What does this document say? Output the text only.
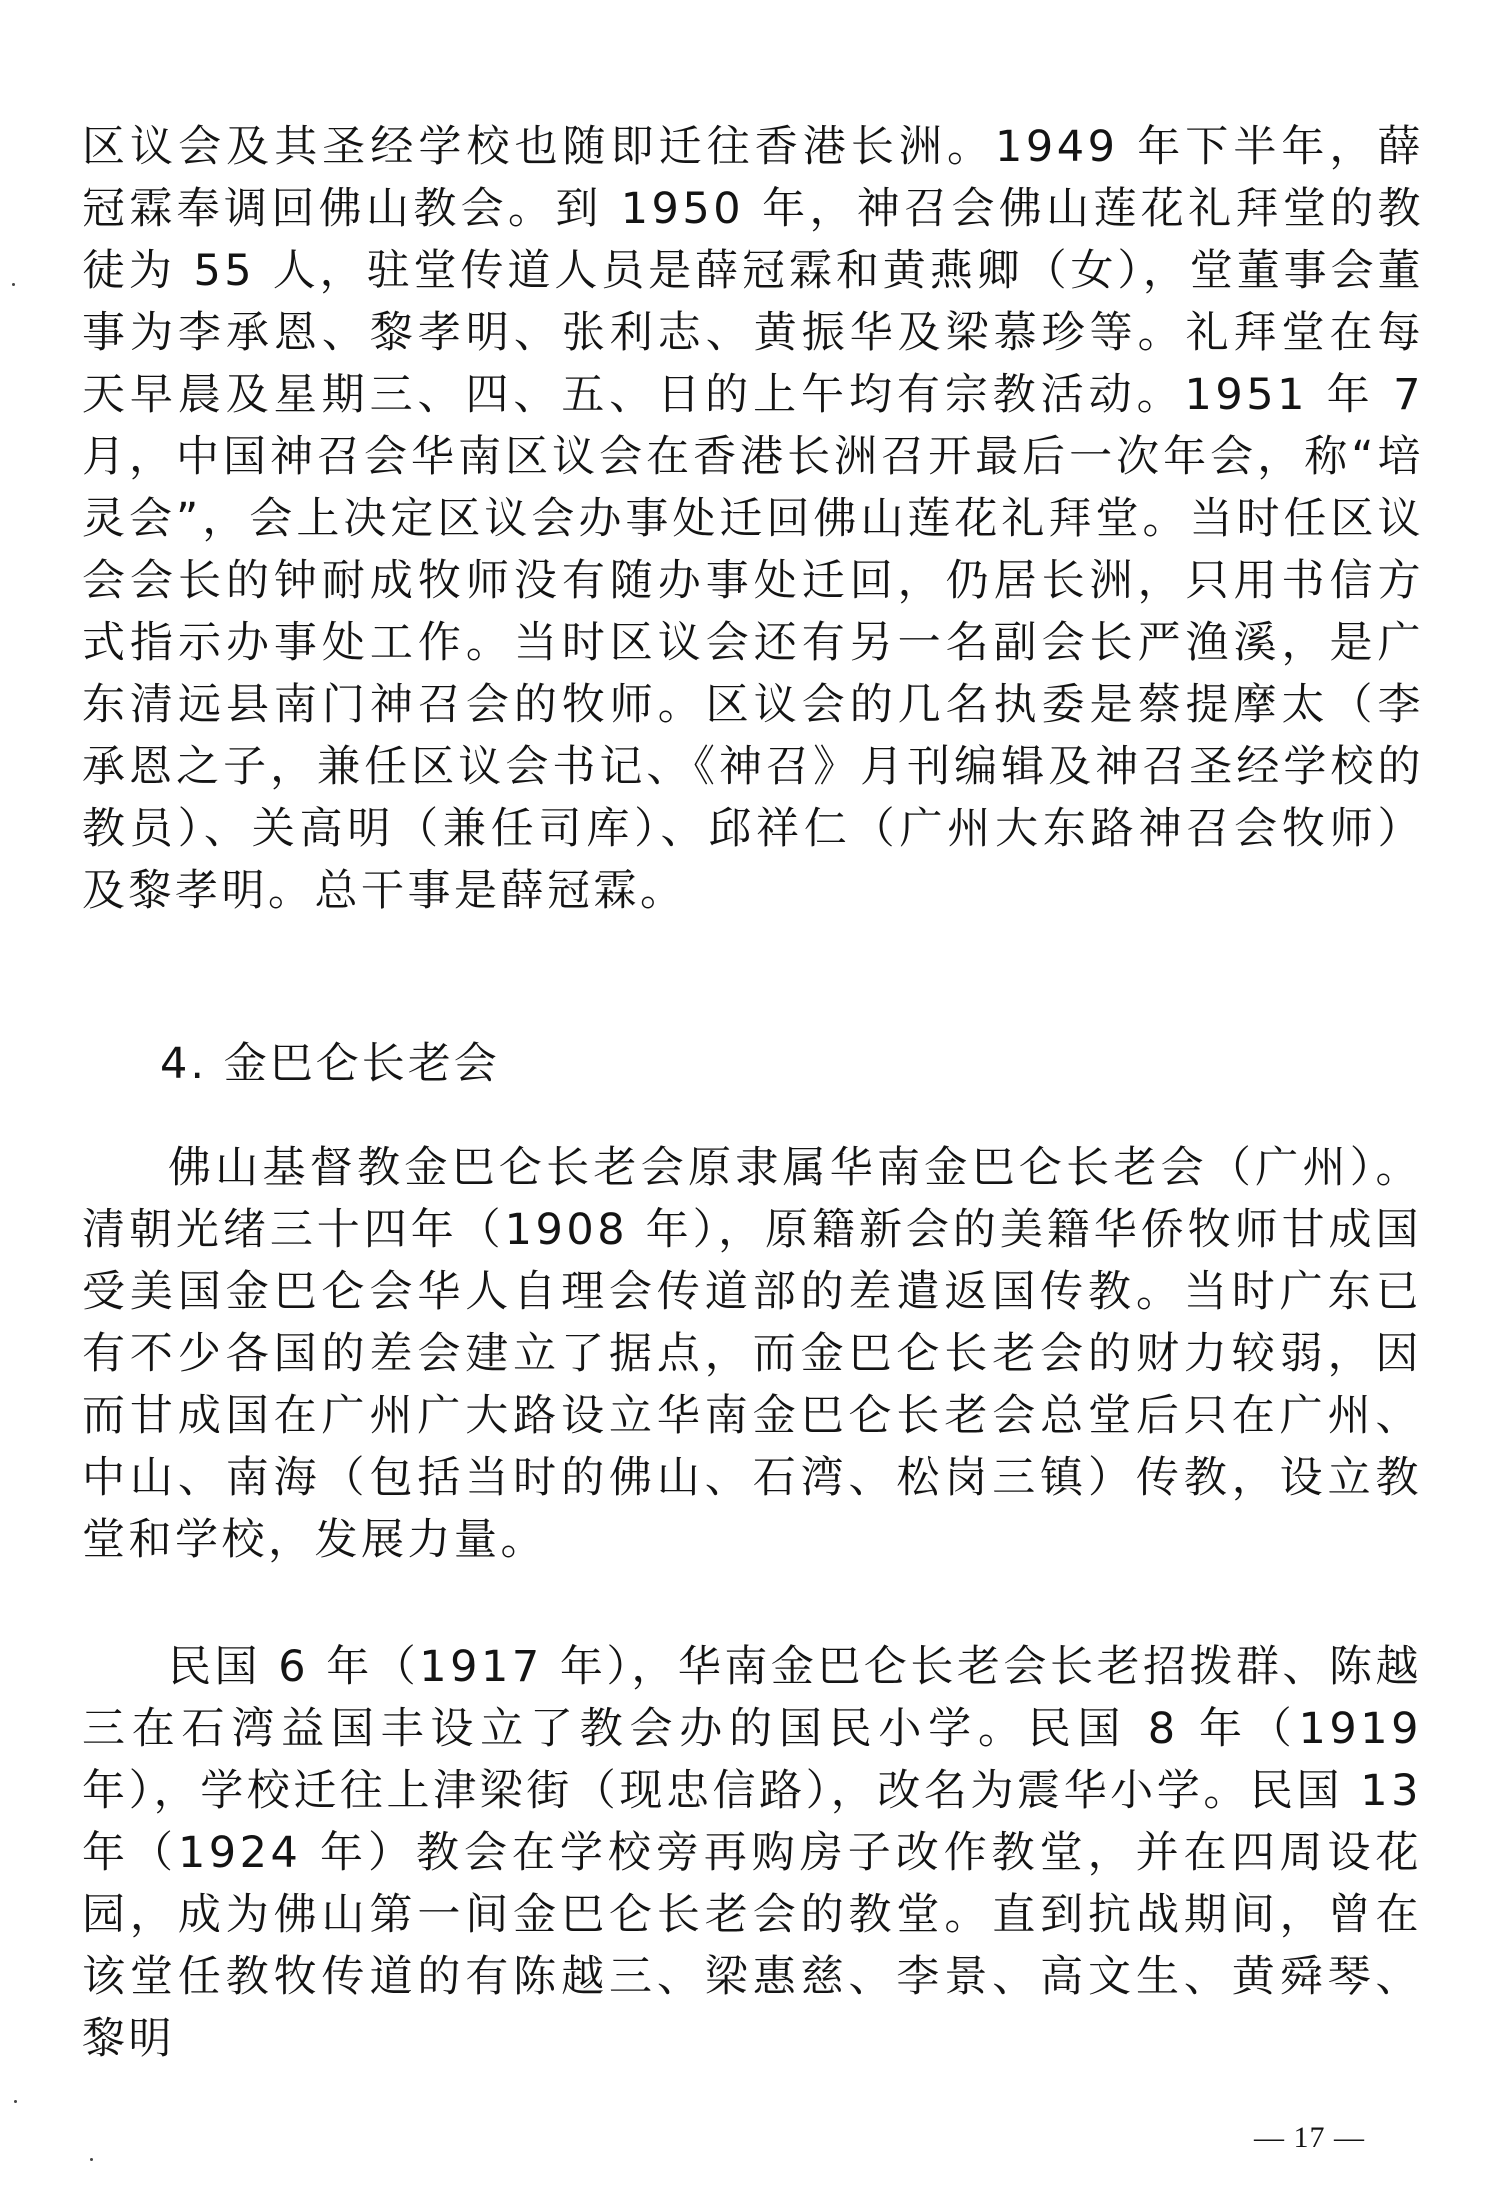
区议会及其圣经学校也随即迁往香港长洲。1949 年下半年，薛冠霖奉调回佛山教会。到 1950 年，神召会佛山莲花礼拜堂的教徒为 55 人，驻堂传道人员是薛冠霖和黄燕卿（女），堂董事会董事为李承恩、黎孝明、张利志、黄振华及梁慕珍等。礼拜堂在每天早晨及星期三、四、五、日的上午均有宗教活动。1951 年 7 月，中国神召会华南区议会在香港长洲召开最后一次年会，称“培灵会”，会上决定区议会办事处迁回佛山莲花礼拜堂。当时任区议会会长的钟耐成牧师没有随办事处迁回，仍居长洲，只用书信方式指示办事处工作。当时区议会还有另一名副会长严渔溪，是广东清远县南门神召会的牧师。区议会的几名执委是蔡提摩太（李承恩之子，兼任区议会书记、《神召》月刊编辑及神召圣经学校的教员）、关高明（兼任司库）、邱祥仁（广州大东路神召会牧师）及黎孝明。总干事是薛冠霖。

4. 金巴仑长老会

佛山基督教金巴仑长老会原隶属华南金巴仑长老会（广州）。清朝光绪三十四年（1908 年），原籍新会的美籍华侨牧师甘成国受美国金巴仑会华人自理会传道部的差遣返国传教。当时广东已有不少各国的差会建立了据点，而金巴仑长老会的财力较弱，因而甘成国在广州广大路设立华南金巴仑长老会总堂后只在广州、中山、南海（包括当时的佛山、石湾、松岗三镇）传教，设立教堂和学校，发展力量。

民国 6 年（1917 年），华南金巴仑长老会长老招拨群、陈越三在石湾益国丰设立了教会办的国民小学。民国 8 年（1919 年），学校迁往上津梁街（现忠信路），改名为震华小学。民国 13 年（1924 年）教会在学校旁再购房子改作教堂，并在四周设花园，成为佛山第一间金巴仑长老会的教堂。直到抗战期间，曾在该堂任教牧传道的有陈越三、梁惠慈、李景、高文生、黄舜琴、黎明

— 17 —
